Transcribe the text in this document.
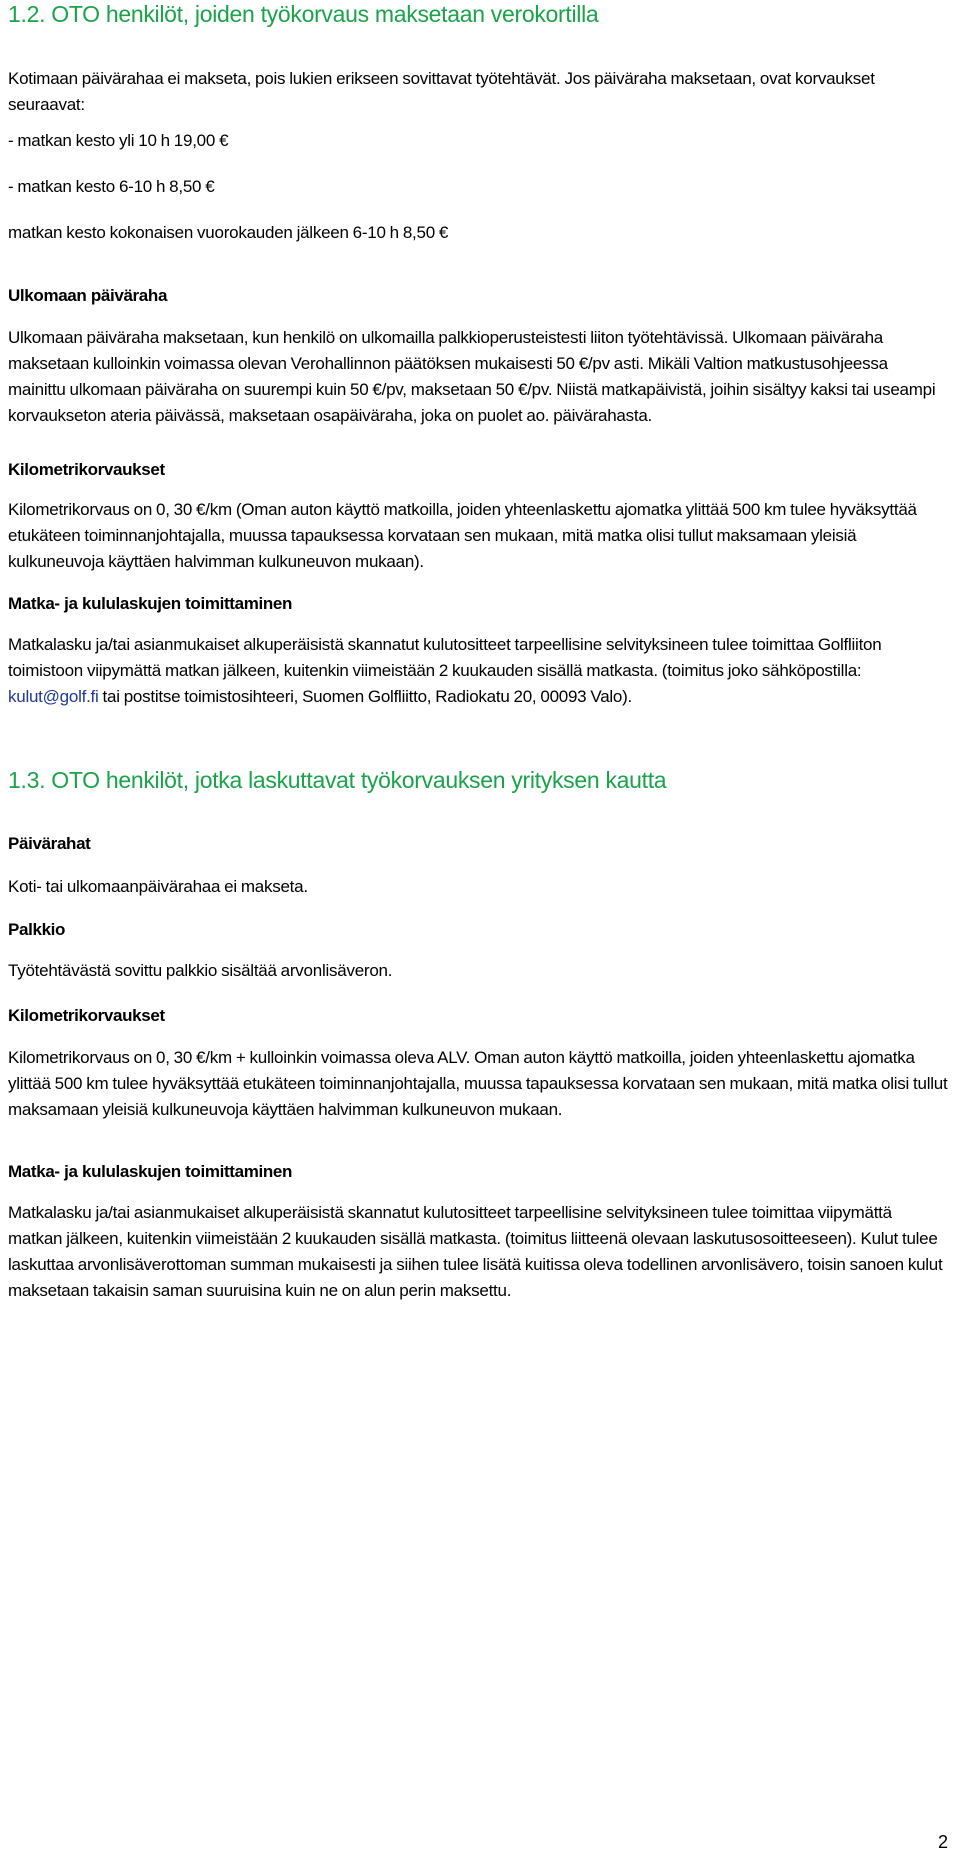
1.2. OTO henkilöt, joiden työkorvaus maksetaan verokortilla

Kotimaan päivärahaa ei makseta, pois lukien erikseen sovittavat työtehtävät. Jos päiväraha maksetaan, ovat korvaukset seuraavat:

- matkan kesto yli 10 h 19,00 €

- matkan kesto 6-10 h 8,50 €

matkan kesto kokonaisen vuorokauden jälkeen 6-10 h 8,50 €

Ulkomaan päiväraha

Ulkomaan päiväraha maksetaan, kun henkilö on ulkomailla palkkioperusteistesti liiton työtehtävissä. Ulkomaan päiväraha maksetaan kulloinkin voimassa olevan Verohallinnon päätöksen mukaisesti 50 €/pv asti. Mikäli Valtion matkustusohjeessa mainittu ulkomaan päiväraha on suurempi kuin 50 €/pv, maksetaan 50 €/pv. Niistä matkapäivistä, joihin sisältyy kaksi tai useampi korvaukseton ateria päivässä, maksetaan osapäiväraha, joka on puolet ao. päivärahasta.

Kilometrikorvaukset

Kilometrikorvaus on 0, 30 €/km (Oman auton käyttö matkoilla, joiden yhteenlaskettu ajomatka ylittää 500 km tulee hyväksyttää etukäteen toiminnanjohtajalla, muussa tapauksessa korvataan sen mukaan, mitä matka olisi tullut maksamaan yleisiä kulkuneuvoja käyttäen halvimman kulkuneuvon mukaan).

Matka- ja kululaskujen toimittaminen

Matkalasku ja/tai asianmukaiset alkuperäisistä skannatut kulutositteet tarpeellisine selvityksineen tulee toimittaa Golfliiton toimistoon viipymättä matkan jälkeen, kuitenkin viimeistään 2 kuukauden sisällä matkasta. (toimitus joko sähköpostilla: kulut@golf.fi tai postitse toimistosihteeri, Suomen Golfliitto, Radiokatu 20, 00093 Valo).

1.3. OTO henkilöt, jotka laskuttavat työkorvauksen yrityksen kautta

Päivärahat

Koti- tai ulkomaanpäivärahaa ei makseta.

Palkkio

Työtehtävästä sovittu palkkio sisältää arvonlisäveron.

Kilometrikorvaukset

Kilometrikorvaus on 0, 30 €/km + kulloinkin voimassa oleva ALV. Oman auton käyttö matkoilla, joiden yhteenlaskettu ajomatka ylittää 500 km tulee hyväksyttää etukäteen toiminnanjohtajalla, muussa tapauksessa korvataan sen mukaan, mitä matka olisi tullut maksamaan yleisiä kulkuneuvoja käyttäen halvimman kulkuneuvon mukaan.

Matka- ja kululaskujen toimittaminen

Matkalasku ja/tai asianmukaiset alkuperäisistä skannatut kulutositteet tarpeellisine selvityksineen tulee toimittaa viipymättä matkan jälkeen, kuitenkin viimeistään 2 kuukauden sisällä matkasta. (toimitus liitteenä olevaan laskutusosoitteeseen). Kulut tulee laskuttaa arvonlisäverottoman summan mukaisesti ja siihen tulee lisätä kuitissa oleva todellinen arvonlisävero, toisin sanoen kulut maksetaan takaisin saman suuruisina kuin ne on alun perin maksettu.

2
